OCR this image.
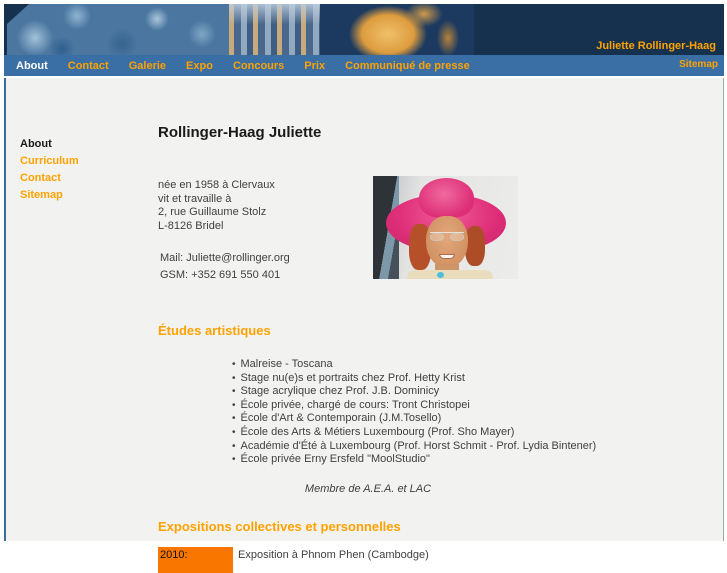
Juliette Rollinger-Haag
About Contact Galerie Expo Concours Prix Communiqué de presse	Sitemap
About
Curriculum
Contact
Sitemap
Rollinger-Haag Juliette
née en 1958 à Clervaux
vit et travaille à
2, rue Guillaume Stolz
L-8126 Bridel
Mail: Juliette@rollinger.org
GSM: +352 691 550 401
Études artistiques
• Malreise - Toscana
• Stage nu(e)s et portraits chez Prof. Hetty Krist
• Stage acrylique chez Prof. J.B. Dominicy
• École privée, chargé de cours: Tront Christopei
• École d'Art & Contemporain (J.M.Tosello)
• École des Arts & Métiers Luxembourg (Prof. Sho Mayer)
• Académie d'Été à Luxembourg (Prof. Horst Schmit - Prof. Lydia Bintener)
• École privée Erny Ersfeld "MoolStudio"
Membre de A.E.A. et LAC
Expositions collectives et personnelles
2010:	Exposition à Phnom Phen (Cambodge)
